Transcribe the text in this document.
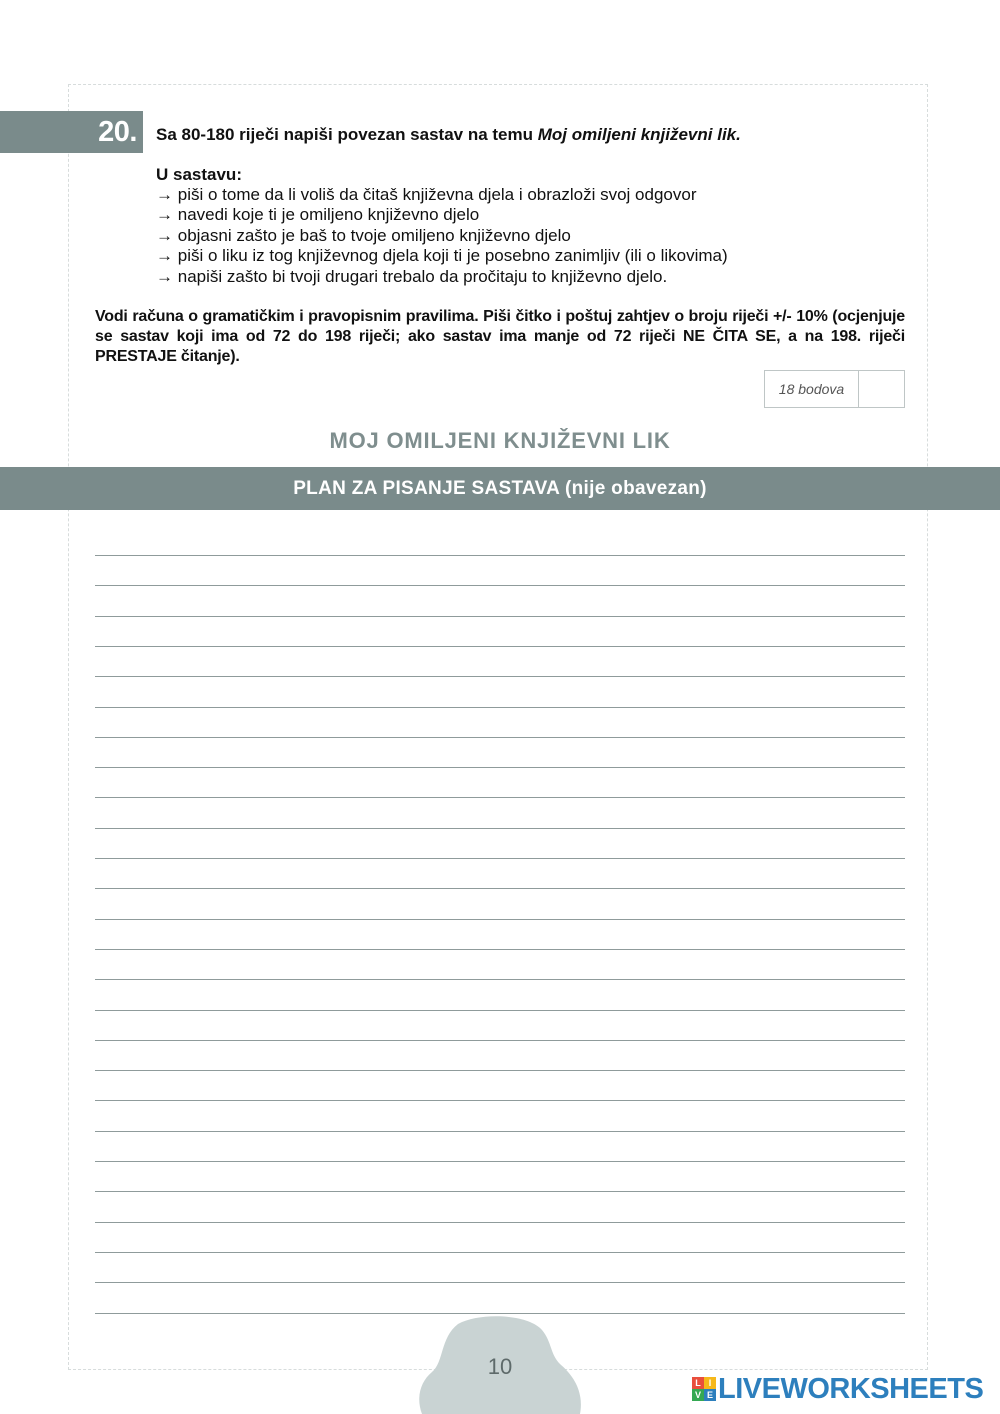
20. Sa 80-180 riječi napiši povezan sastav na temu Moj omiljeni književni lik.
U sastavu:
→ piši o tome da li voliš da čitaš književna djela i obrazloži svoj odgovor
→ navedi koje ti je omiljeno književno djelo
→ objasni zašto je baš to tvoje omiljeno književno djelo
→ piši o liku iz tog književnog djela koji ti je posebno zanimljiv (ili o likovima)
→ napiši zašto bi tvoji drugari trebalo da pročitaju to književno djelo.
Vodi računa o gramatičkim i pravopisnim pravilima. Piši čitko i poštuj zahtjev o broju riječi +/- 10% (ocjenjuje se sastav koji ima od 72 do 198 riječi; ako sastav ima manje od 72 riječi NE ČITA SE, a na 198. riječi PRESTAJE čitanje).
18 bodova
MOJ OMILJENI KNJIŽEVNI LIK
PLAN ZA PISANJE SASTAVA (nije obavezan)
10
L I
V E LIVEWORKSHEETS
